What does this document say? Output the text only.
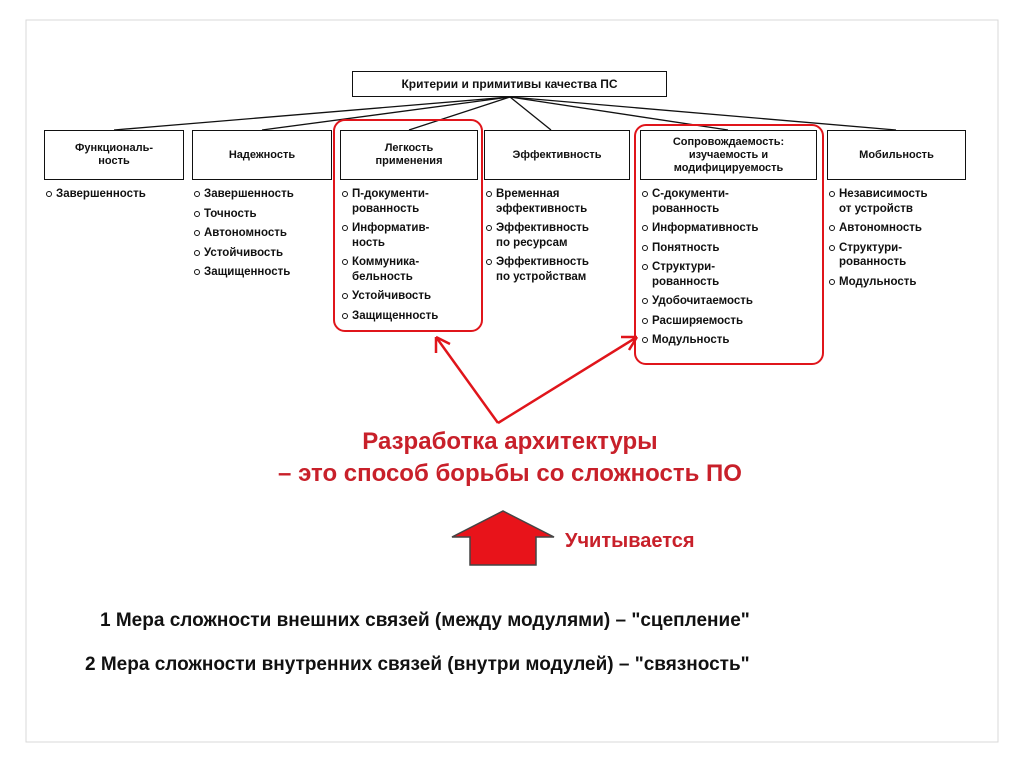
Критерии и примитивы качества ПС
Функциональ-
ность
Надежность
Легкость
применения
Эффективность
Сопровождаемость:
изучаемость и
модифицируемость
Мобильность
Завершенность	Завершенность
Точность
Автономность
Устойчивость
Защищенность
П-документи-
рованность
Информатив-
ность
Коммуника-
бельность
Устойчивость
Защищенность
Временная
эффективность
Эффективность
по ресурсам
Эффективность
по устройствам
С-документи-
рованность
Информативность
Понятность
Структури-
рованность
Удобочитаемость
Расширяемость
Модульность
Независимость
от устройств
Автономность
Структури-
рованность
Модульность
Разработка архитектуры
– это способ борьбы со сложность ПО
Учитывается
1 Мера сложности внешних связей (между модулями) – "сцепление"
2 Мера сложности внутренних связей (внутри модулей) – "связность"
